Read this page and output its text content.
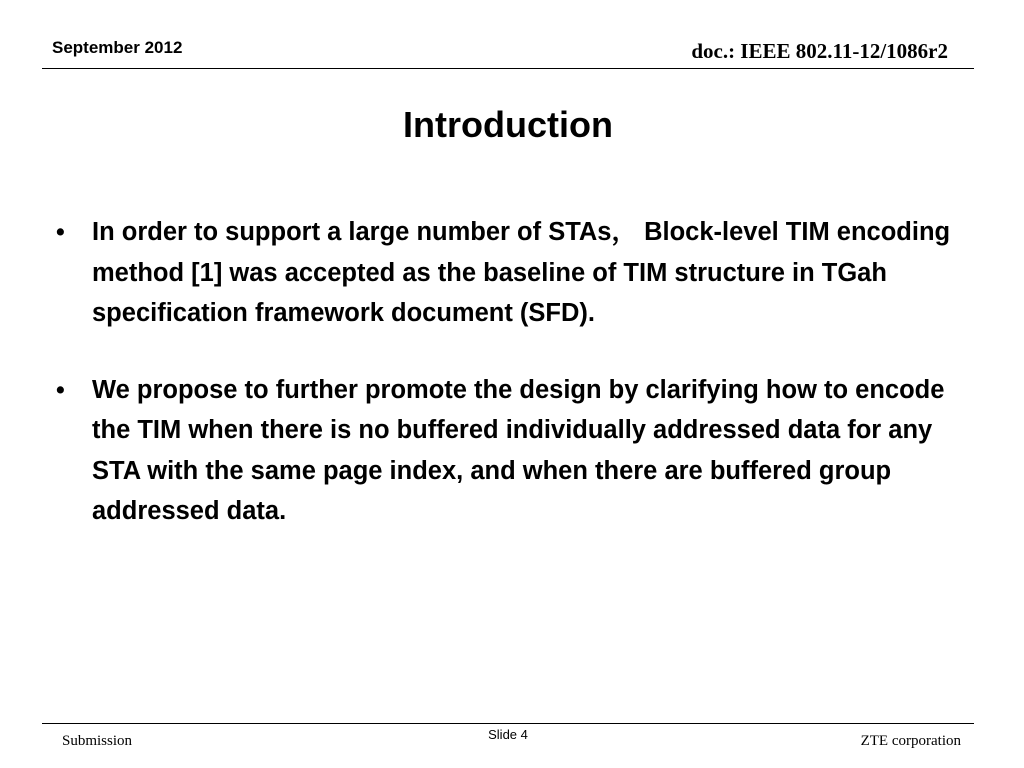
September 2012	doc.: IEEE 802.11-12/1086r2
Introduction
• In order to support a large number of STAs， Block-level TIM encoding method [1] was accepted as the baseline of TIM structure in TGah specification framework document (SFD).
• We propose to further promote the design by clarifying how to encode the TIM when there is no buffered individually addressed data for any STA with the same page index, and when there are buffered group addressed data.
Submission	Slide 4	ZTE corporation
